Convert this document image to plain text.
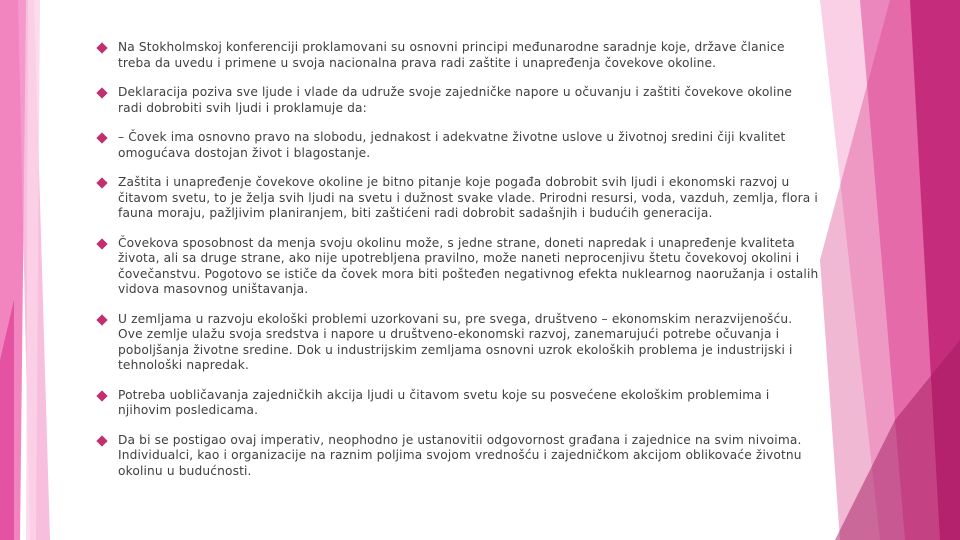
Na Stokholmskoj konferenciji proklamovani su osnovni principi međunarodne saradnje koje, države članice treba da uvedu i primene u svoja nacionalna prava radi zaštite i unapređenja čovekove okoline.
Deklaracija poziva sve ljude i vlade da udruže svoje zajedničke napore u očuvanju i zaštiti čovekove okoline radi dobrobiti svih ljudi i proklamuje da:
– Čovek ima osnovno pravo na slobodu, jednakost i adekvatne životne uslove u životnoj sredini čiji kvalitet omogućava dostojan život i blagostanje.
Zaštita i unapređenje čovekove okoline je bitno pitanje koje pogađa dobrobit svih ljudi i ekonomski razvoj u čitavom svetu, to je želja svih ljudi na svetu i dužnost svake vlade. Prirodni resursi, voda, vazduh, zemlja, flora i fauna moraju, pažljivim planiranjem, biti zaštićeni radi dobrobit sadašnjih i budućih generacija.
Čovekova sposobnost da menja svoju okolinu može, s jedne strane, doneti napredak i unapređenje kvaliteta života, ali sa druge strane, ako nije upotrebljena pravilno, može naneti neprocenjivu štetu čovekovoj okolini i čovečanstvu. Pogotovo se ističe da čovek mora biti pošteđen negativnog efekta nuklearnog naoružanja i ostalih vidova masovnog uništavanja.
U zemljama u razvoju ekološki problemi uzorkovani su, pre svega, društveno – ekonomskim nerazvijenošću. Ove zemlje ulažu svoja sredstva i napore u društveno-ekonomski razvoj, zanemarujući potrebe očuvanja i poboljšanja životne sredine. Dok u industrijskim zemljama osnovni uzrok ekoloških problema je industrijski i tehnološki napredak.
Potreba uobličavanja zajedničkih akcija ljudi u čitavom svetu koje su posvećene ekološkim problemima i njihovim posledicama.
Da bi se postigao ovaj imperativ, neophodno je ustanovitii odgovornost građana i zajednice na svim nivoima. Individualci, kao i organizacije na raznim poljima svojom vrednošću i zajedničkom akcijom oblikovaće životnu okolinu u budućnosti.
